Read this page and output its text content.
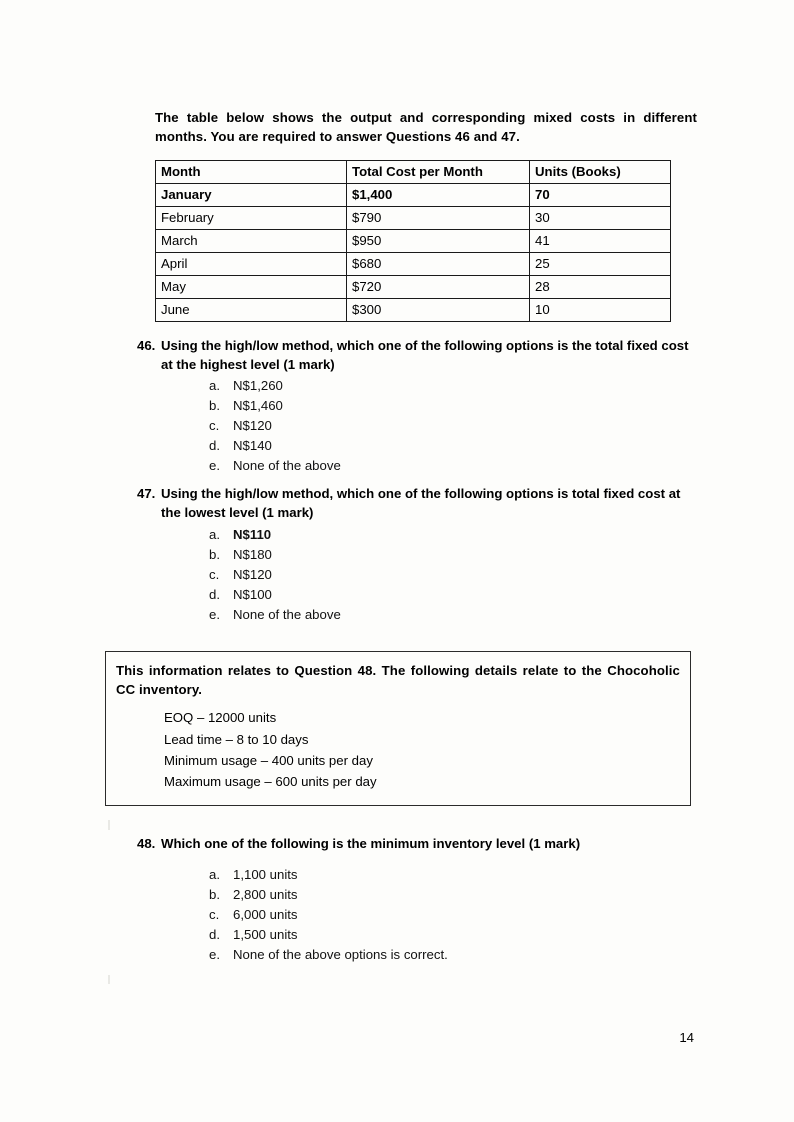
The table below shows the output and corresponding mixed costs in different months. You are required to answer Questions 46 and 47.

Month	Total Cost per Month	Units (Books)
January	$1,400	70
February	$790	30
March	$950	41
April	$680	25
May	$720	28
June	$300	10
46. Using the high/low method, which one of the following options is the total fixed cost at the highest level (1 mark)
a. N$1,260
b. N$1,460
c.	N$120
d. N$140
e. None of the above
47. Using the high/low method, which one of the following options is total fixed cost at the lowest level (1 mark)
a. N$110
b. N$180
c.	N$120
d. N$100
e. None of the above
This information relates to Question 48. The following details relate to the Chocoholic CC inventory.
EOQ – 12000 units
Lead time – 8 to 10 days
Minimum usage – 400 units per day
Maximum usage – 600 units per day
48. Which one of the following is the minimum inventory level (1 mark)
a. 1,100 units
b. 2,800 units
c.	6,000 units
d. 1,500 units
e. None of the above options is correct.
14
